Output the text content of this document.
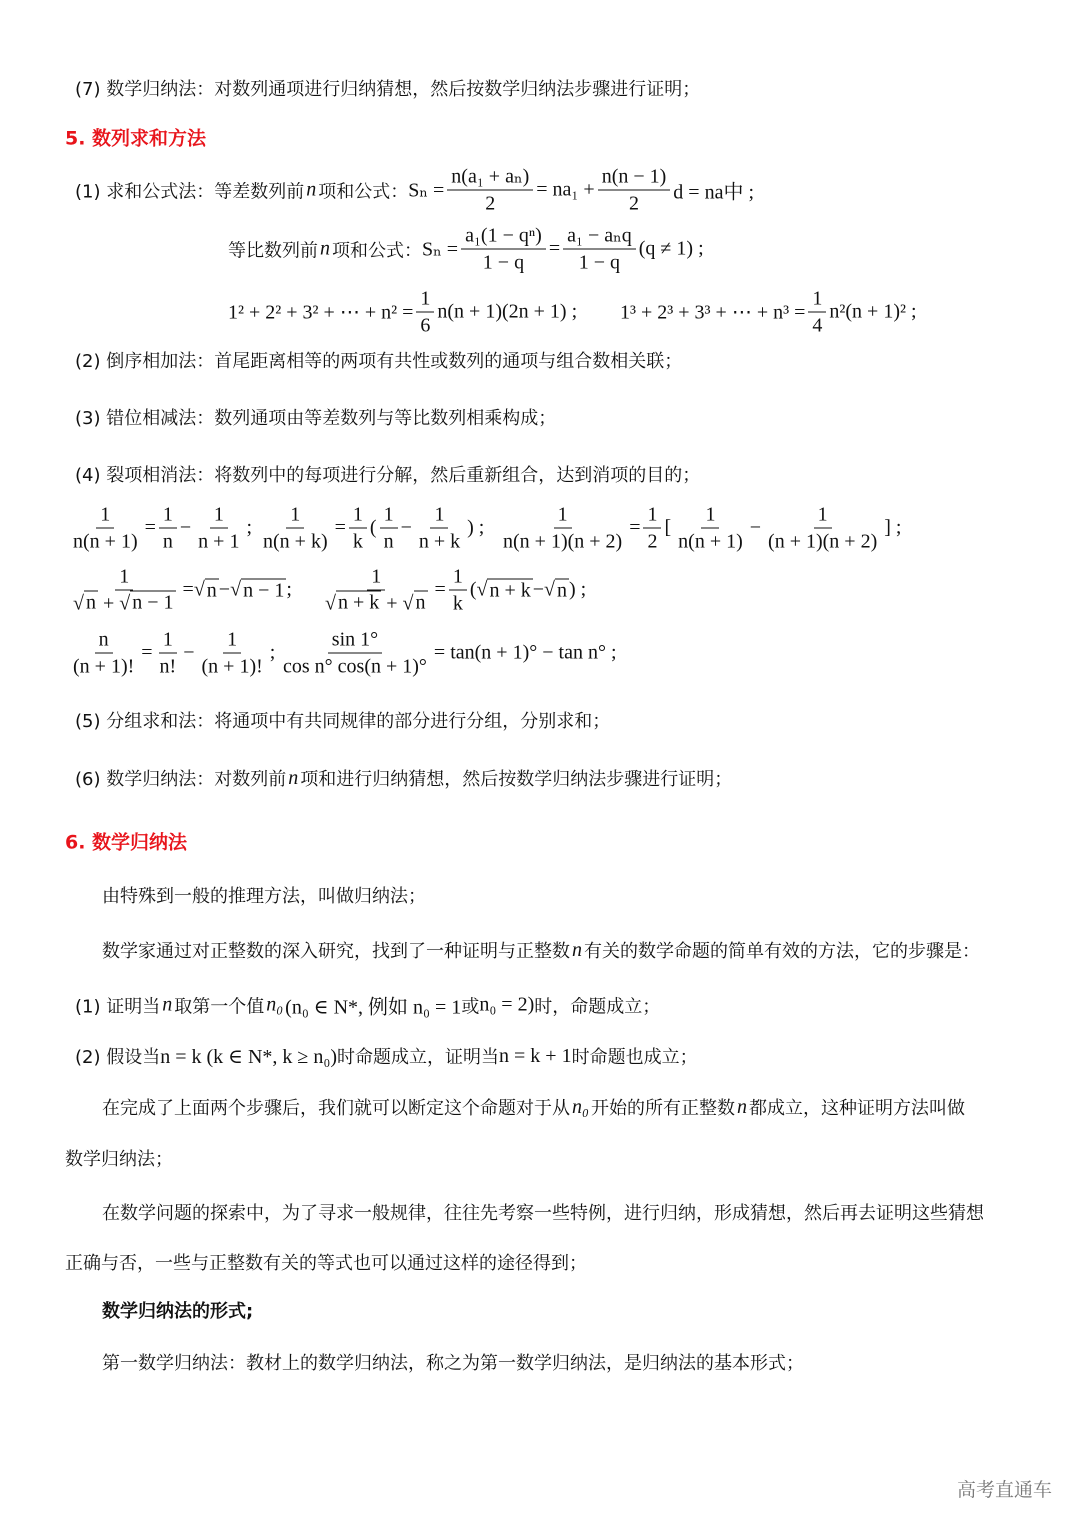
(7) 数学归纳法：对数列通项进行归纳猜想，然后按数学归纳法步骤进行证明；
5. 数列求和方法
(1) 求和公式法：等差数列前 n 项和公式： $S_n = \frac{\text{n(a₁ + aₙ)}}{2} = na_1 + \frac{n(n - 1)}{2}$ d = na中 ;
等比数列前 n 项和公式： $S_n = \frac{\text{a₁(1 − qⁿ)}}{1 - q} = \frac{\text{a₁ − aₙq}}{1 - q} (q \ne 1)$ ;
1² + 2² + 3² + ⋯ + $n^2 = \frac{1}{6} n(n + 1)(2n + 1)$ ; 1³ + 2³ + 3³ + ⋯ + $n^3 = \frac{1}{4} n^2(n + 1)^2$ ;
(2) 倒序相加法：首尾距离相等的两项有共性或数列的通项与组合数相关联；
(3) 错位相减法：数列通项由等差数列与等比数列相乘构成；
(4) 裂项相消法：将数列中的每项进行分解，然后重新组合，达到消项的目的；
$\frac{1}{n(n + 1)} = \frac{1}{n} - \frac{1}{n + 1}$ ; $\frac{1}{n(n + k)} = \frac{1}{k}$ ( $\frac{1}{n} - \frac{1}{n + k}$ ) ; $\frac{1}{n(n + 1)(n + 2)} = \frac{1}{2}$ [ $\frac{1}{n(n + 1)} - \frac{1}{(n + 1)(n + 2)}$ ] ;
$\frac{1}{√ n + √ n - 1}$ = √ n − √ n − 1 ; $\frac{1}{√ n + k + √ n} = \frac{1}{k}$ ( √ n + k − √ n ) ;
$\frac{n}{(n + 1)!} = \frac{1}{n!} - \frac{1}{(n + 1)!}$ ; $\frac{\sin 1^\circ}{\text{cos n° cos(n + 1)°}} = \tan(n + 1)^\circ - \tan n^\circ$ ;
(5) 分组求和法：将通项中有共同规律的部分进行分组，分别求和；
(6) 数学归纳法：对数列前 n 项和进行归纳猜想，然后按数学归纳法步骤进行证明；
6. 数学归纳法
由特殊到一般的推理方法，叫做归纳法；
数学家通过对正整数的深入研究，找到了一种证明与正整数 n 有关的数学命题的简单有效的方法，它的步骤是：
(1) 证明当 n 取第一个值 n₀ (n₀ ∈ N*, 例如 n₀ = 1 或 n₀ = 2) 时，命题成立；
(2) 假设当 n = k (k ∈ N*, k ≥ n₀) 时命题成立，证明当 n = k + 1 时命题也成立；
在完成了上面两个步骤后，我们就可以断定这个命题对于从 n₀ 开始的所有正整数 n 都成立，这种证明方法叫做
数学归纳法；
在数学问题的探索中，为了寻求一般规律，往往先考察一些特例，进行归纳，形成猜想，然后再去证明这些猜想
正确与否，一些与正整数有关的等式也可以通过这样的途径得到；
数学归纳法的形式;
第一数学归纳法：教材上的数学归纳法，称之为第一数学归纳法，是归纳法的基本形式；
高考直通车
